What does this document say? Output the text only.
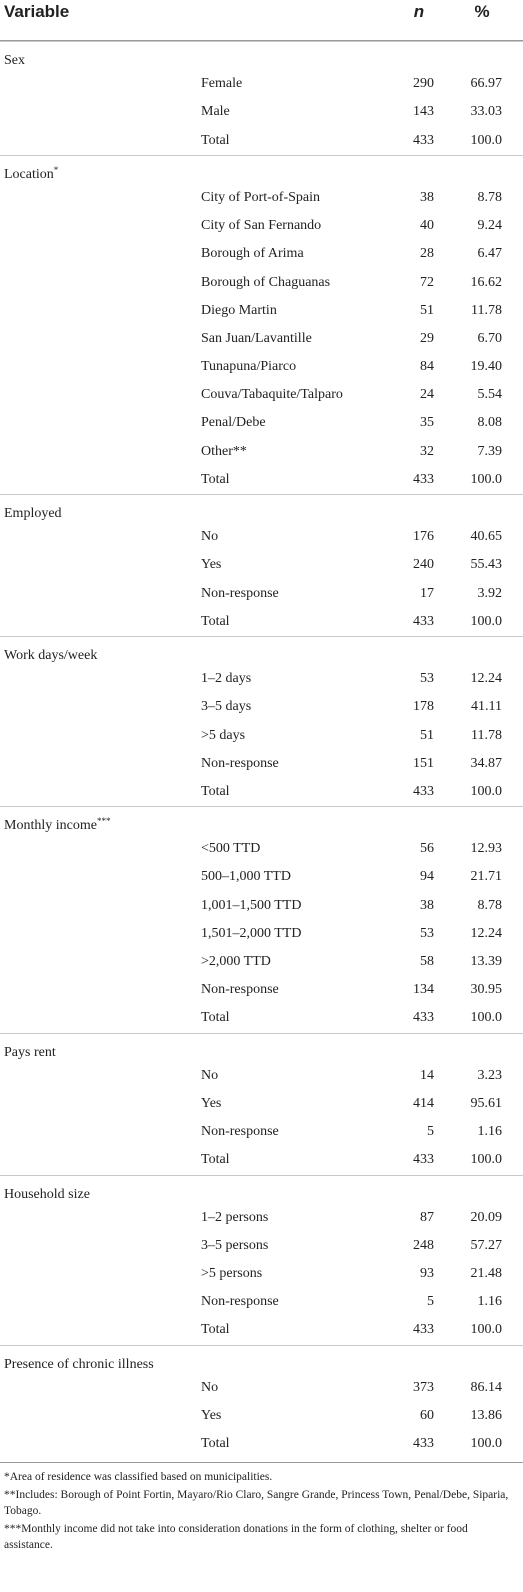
Variable	n	%
Sex
Female	290	66.97
Male	143	33.03
Total	433	100.0
Location*
City of Port-of-Spain	38	8.78
City of San Fernando	40	9.24
Borough of Arima	28	6.47
Borough of Chaguanas	72	16.62
Diego Martin	51	11.78
San Juan/Lavantille	29	6.70
Tunapuna/Piarco	84	19.40
Couva/Tabaquite/Talparo	24	5.54
Penal/Debe	35	8.08
Other**	32	7.39
Total	433	100.0
Employed
No	176	40.65
Yes	240	55.43
Non-response	17	3.92
Total	433	100.0
Work days/week
1–2 days	53	12.24
3–5 days	178	41.11
>5 days	51	11.78
Non-response	151	34.87
Total	433	100.0
Monthly income***
<500 TTD	56	12.93
500–1,000 TTD	94	21.71
1,001–1,500 TTD	38	8.78
1,501–2,000 TTD	53	12.24
>2,000 TTD	58	13.39
Non-response	134	30.95
Total	433	100.0
Pays rent
No	14	3.23
Yes	414	95.61
Non-response	5	1.16
Total	433	100.0
Household size
1–2 persons	87	20.09
3–5 persons	248	57.27
>5 persons	93	21.48
Non-response	5	1.16
Total	433	100.0
Presence of chronic illness
No	373	86.14
Yes	60	13.86
Total	433	100.0

*Area of residence was classified based on municipalities.

**Includes: Borough of Point Fortin, Mayaro/Rio Claro, Sangre Grande, Princess Town, Penal/Debe, Siparia, Tobago.

***Monthly income did not take into consideration donations in the form of clothing, shelter or food assistance.
